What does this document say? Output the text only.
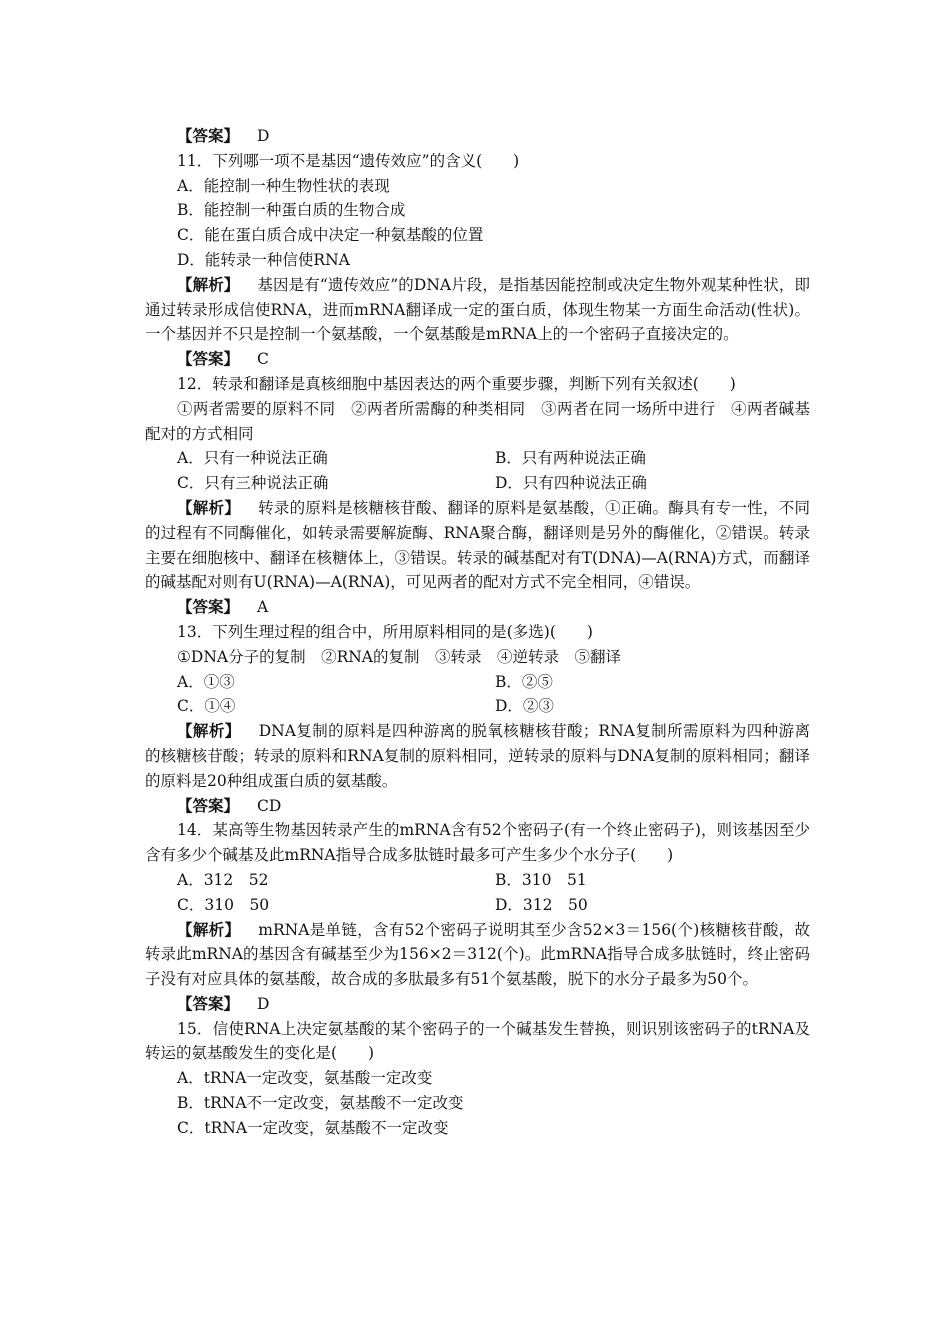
【答案】 D
11．下列哪一项不是基因“遗传效应”的含义(　　)
A．能控制一种生物性状的表现
B．能控制一种蛋白质的生物合成
C．能在蛋白质合成中决定一种氨基酸的位置
D．能转录一种信使RNA
【解析】 基因是有“遗传效应”的DNA片段，是指基因能控制或决定生物外观某种性状，即通过转录形成信使RNA，进而mRNA翻译成一定的蛋白质，体现生物某一方面生命活动(性状)。一个基因并不只是控制一个氨基酸，一个氨基酸是mRNA上的一个密码子直接决定的。
【答案】 C
12．转录和翻译是真核细胞中基因表达的两个重要步骤，判断下列有关叙述(　　)
①两者需要的原料不同　②两者所需酶的种类相同　③两者在同一场所中进行　④两者碱基配对的方式相同
A．只有一种说法正确	B．只有两种说法正确
C．只有三种说法正确	D．只有四种说法正确
【解析】 转录的原料是核糖核苷酸、翻译的原料是氨基酸，①正确。酶具有专一性，不同的过程有不同酶催化，如转录需要解旋酶、RNA聚合酶，翻译则是另外的酶催化，②错误。转录主要在细胞核中、翻译在核糖体上，③错误。转录的碱基配对有T(DNA)—A(RNA)方式，而翻译的碱基配对则有U(RNA)—A(RNA)，可见两者的配对方式不完全相同，④错误。
【答案】 A
13．下列生理过程的组合中，所用原料相同的是(多选)(　　)
①DNA分子的复制　②RNA的复制　③转录　④逆转录　⑤翻译
A．①③	B．②⑤
C．①④	D．②③
【解析】 DNA复制的原料是四种游离的脱氧核糖核苷酸；RNA复制所需原料为四种游离的核糖核苷酸；转录的原料和RNA复制的原料相同，逆转录的原料与DNA复制的原料相同；翻译的原料是20种组成蛋白质的氨基酸。
【答案】 CD
14．某高等生物基因转录产生的mRNA含有52个密码子(有一个终止密码子)，则该基因至少含有多少个碱基及此mRNA指导合成多肽链时最多可产生多少个水分子(　　)
A．312　52	B．310　51
C．310　50	D．312　50
【解析】 mRNA是单链，含有52个密码子说明其至少含52×3＝156(个)核糖核苷酸，故转录此mRNA的基因含有碱基至少为156×2＝312(个)。此mRNA指导合成多肽链时，终止密码子没有对应具体的氨基酸，故合成的多肽最多有51个氨基酸，脱下的水分子最多为50个。
【答案】 D
15．信使RNA上决定氨基酸的某个密码子的一个碱基发生替换，则识别该密码子的tRNA及转运的氨基酸发生的变化是(　　)
A．tRNA一定改变，氨基酸一定改变
B．tRNA不一定改变，氨基酸不一定改变
C．tRNA一定改变，氨基酸不一定改变
